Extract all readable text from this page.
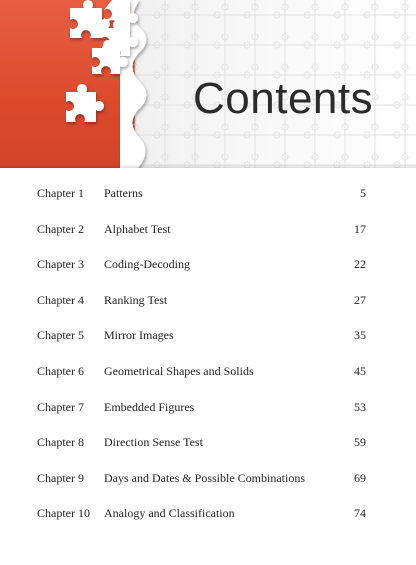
Contents
Chapter 1 Patterns	5
Chapter 2 Alphabet Test	17
Chapter 3 Coding-Decoding	22
Chapter 4 Ranking Test	27
Chapter 5 Mirror Images	35
Chapter 6 Geometrical Shapes and Solids	45
Chapter 7 Embedded Figures	53
Chapter 8 Direction Sense Test	59
Chapter 9 Days and Dates & Possible Combinations	69
Chapter 10 Analogy and Classification	74
